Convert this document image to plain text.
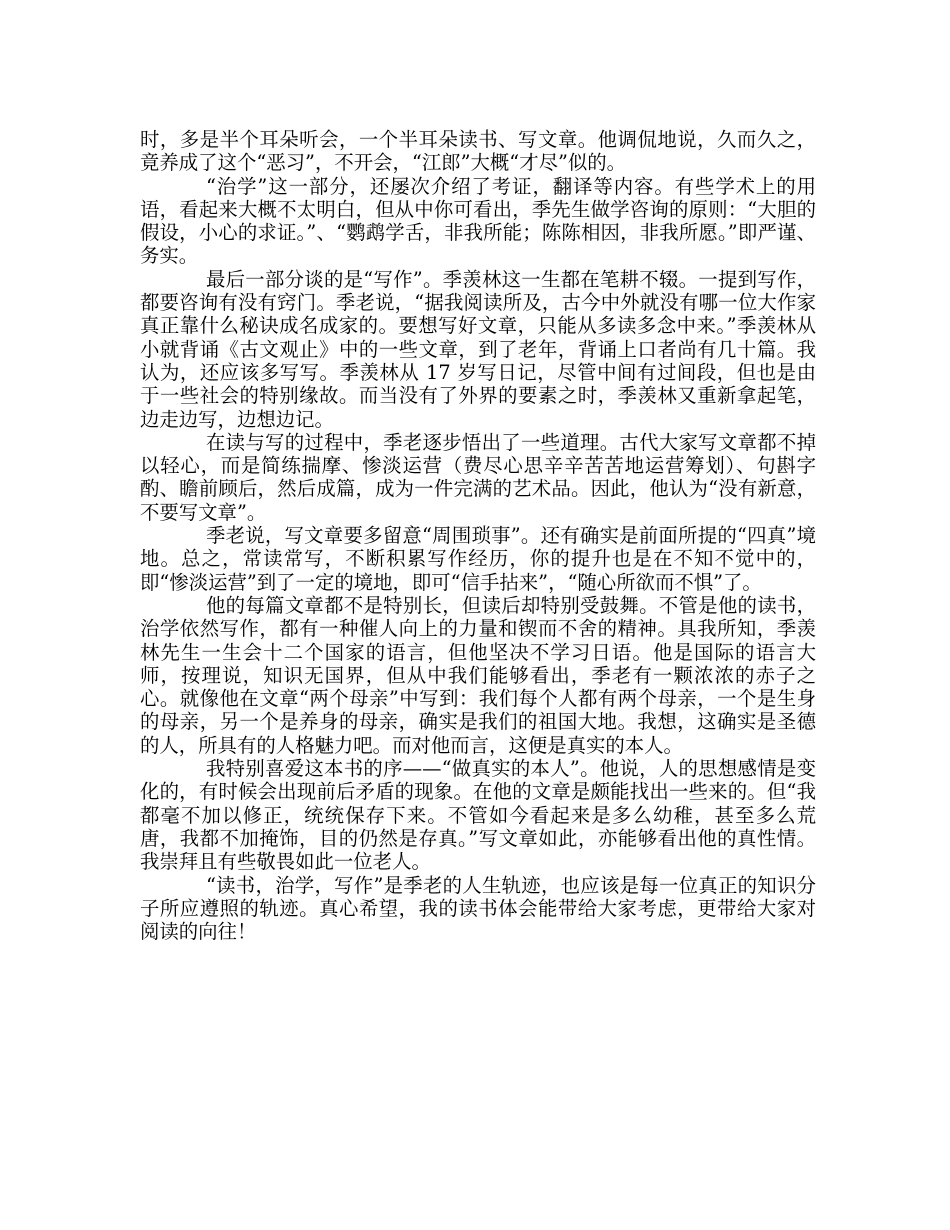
时，多是半个耳朵听会，一个半耳朵读书、写文章。他调侃地说，久而久之，竟养成了这个“恶习”，不开会，“江郎”大概“才尽”似的。

“治学”这一部分，还屡次介绍了考证，翻译等内容。有些学术上的用语，看起来大概不太明白，但从中你可看出，季先生做学咨询的原则：“大胆的假设，小心的求证。”、“鹦鹉学舌，非我所能；陈陈相因，非我所愿。”即严谨、务实。

最后一部分谈的是“写作”。季羡林这一生都在笔耕不辍。一提到写作，都要咨询有没有窍门。季老说，“据我阅读所及，古今中外就没有哪一位大作家真正靠什么秘诀成名成家的。要想写好文章，只能从多读多念中来。”季羡林从小就背诵《古文观止》中的一些文章，到了老年，背诵上口者尚有几十篇。我认为，还应该多写写。季羡林从 17 岁写日记，尽管中间有过间段，但也是由于一些社会的特别缘故。而当没有了外界的要素之时，季羡林又重新拿起笔，边走边写，边想边记。

在读与写的过程中，季老逐步悟出了一些道理。古代大家写文章都不掉以轻心，而是简练揣摩、惨淡运营（费尽心思辛辛苦苦地运营筹划）、句斟字酌、瞻前顾后，然后成篇，成为一件完满的艺术品。因此，他认为“没有新意，不要写文章”。

季老说，写文章要多留意“周围琐事”。还有确实是前面所提的“四真”境地。总之，常读常写，不断积累写作经历，你的提升也是在不知不觉中的，即“惨淡运营”到了一定的境地，即可“信手拈来”，“随心所欲而不惧”了。

他的每篇文章都不是特别长，但读后却特别受鼓舞。不管是他的读书，治学依然写作，都有一种催人向上的力量和锲而不舍的精神。具我所知，季羡林先生一生会十二个国家的语言，但他坚决不学习日语。他是国际的语言大师，按理说，知识无国界，但从中我们能够看出，季老有一颗浓浓的赤子之心。就像他在文章“两个母亲”中写到：我们每个人都有两个母亲，一个是生身的母亲，另一个是养身的母亲，确实是我们的祖国大地。我想，这确实是圣德的人，所具有的人格魅力吧。而对他而言，这便是真实的本人。

我特别喜爱这本书的序——“做真实的本人”。他说，人的思想感情是变化的，有时候会出现前后矛盾的现象。在他的文章是颇能找出一些来的。但“我都毫不加以修正，统统保存下来。不管如今看起来是多么幼稚，甚至多么荒唐，我都不加掩饰，目的仍然是存真。”写文章如此，亦能够看出他的真性情。我崇拜且有些敬畏如此一位老人。

“读书，治学，写作”是季老的人生轨迹，也应该是每一位真正的知识分子所应遵照的轨迹。真心希望，我的读书体会能带给大家考虑，更带给大家对阅读的向往！
